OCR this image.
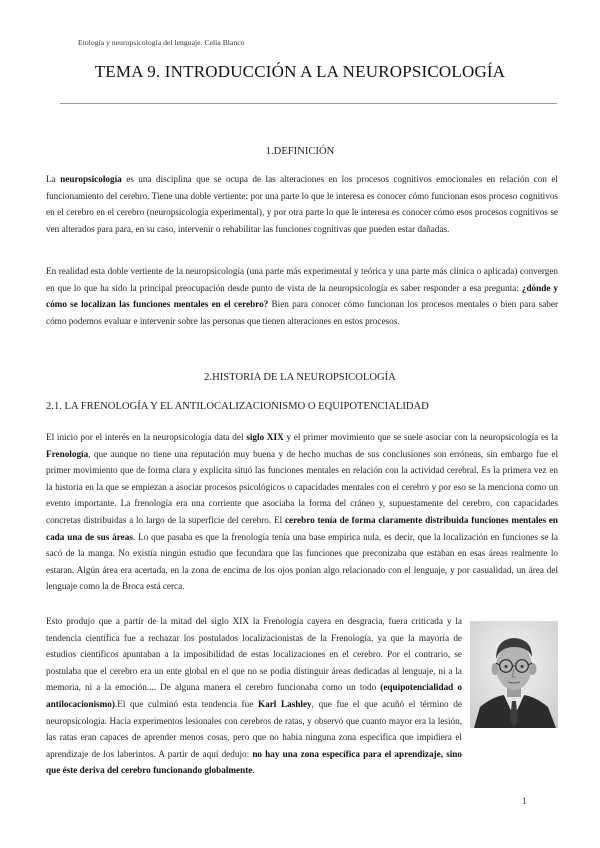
Etología y neuropsicología del lenguaje. Celia Blanco
TEMA 9. INTRODUCCIÓN A LA NEUROPSICOLOGÍA
1.DEFINICIÓN
La neuropsicología es una disciplina que se ocupa de las alteraciones en los procesos cognitivos emocionales en relación con el funcionamiento del cerebro. Tiene una doble vertiente: por una parte lo que le interesa es conocer cómo funcionan esos proceso cognitivos en el cerebro en el cerebro (neuropsicología experimental), y por otra parte lo que le interesa es conocer cómo esos procesos cognitivos se ven alterados para para, en su caso, intervenir o rehabilitar las funciones cognitivas que pueden estar dañadas.
En realidad esta doble vertiente de la neuropsicología (una parte más experimental y teórica y una parte más clínica o aplicada) convergen en que lo que ha sido la principal preocupación desde punto de vista de la neuropsicología es saber responder a esa pregunta: ¿dónde y cómo se localizan las funciones mentales en el cerebro? Bien para conocer cómo funcionan los procesos mentales o bien para saber cómo podemos evaluar e intervenir sobre las personas que tienen alteraciones en estos procesos.
2.HISTORIA DE LA NEUROPSICOLOGÍA
2.1. LA FRENOLOGÍA Y EL ANTILOCALIZACIONISMO O EQUIPOTENCIALIDAD
El inicio por el interés en la neuropsicología data del siglo XIX y el primer movimiento que se suele asociar con la neuropsicología es la Frenología, que aunque no tiene una reputación muy buena y de hecho muchas de sus conclusiones son erróneas, sin embargo fue el primer movimiento que de forma clara y explícita situó las funciones mentales en relación con la actividad cerebral. Es la primera vez en la historia en la que se empiezan a asociar procesos psicológicos o capacidades mentales con el cerebro y por eso se la menciona como un evento importante. La frenología era una corriente que asociaba la forma del cráneo y, supuestamente del cerebro, con capacidades concretas distribuidas a lo largo de la superficie del cerebro. El cerebro tenía de forma claramente distribuida funciones mentales en cada una de sus áreas. Lo que pasaba es que la frenología tenía una base empírica nula, es decir, que la localización en funciones se la sacó de la manga. No existía ningún estudio que fecundara que las funciones que preconizaba que estaban en esas áreas realmente lo estaran. Algún área era acertada, en la zona de encima de los ojos ponían algo relacionado con el lenguaje, y por casualidad, un área del lenguaje como la de Broca está cerca.
Esto produjo que a partir de la mitad del siglo XIX la Frenología cayera en desgracia, fuera criticada y la tendencia científica fue a rechazar los postulados localizacionistas de la Frenología, ya que la mayoría de estudios científicos apuntaban a la imposibilidad de estas localizaciones en el cerebro. Por el contrario, se postulaba que el cerebro era un ente global en el que no se podía distinguir áreas dedicadas al lenguaje, ni a la memoria, ni a la emoción.... De alguna manera el cerebro funcionaba como un todo (equipotencialidad o antilocacionismo).El que culminó esta tendencia fue Karl Lashley, que fue el que acuñó el término de neuropsicología. Hacía experimentos lesionales con cerebros de ratas, y observó que cuanto mayor era la lesión, las ratas eran capaces de aprender menos cosas, pero que no había ninguna zona específica que impidiera el aprendizaje de los laberintos. A partir de aquí dedujo: no hay una zona específica para el aprendizaje, sino que éste deriva del cerebro funcionando globalmente.
1
